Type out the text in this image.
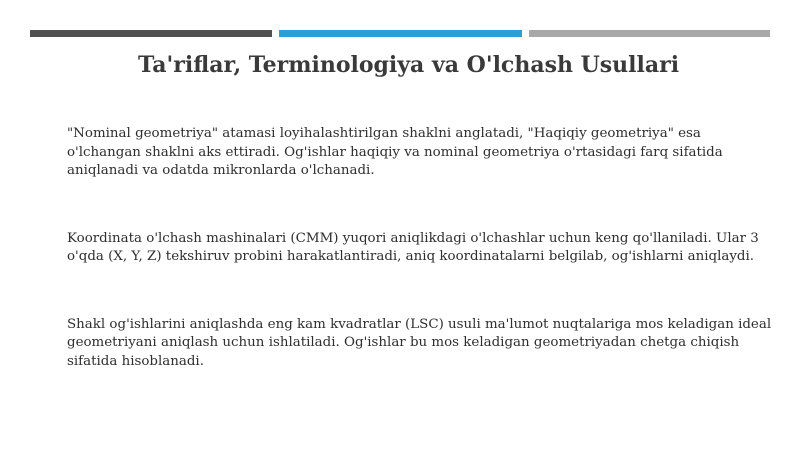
Ta'riflar, Terminologiya va O'lchash Usullari

"Nominal geometriya" atamasi loyihalashtirilgan shaklni anglatadi, "Haqiqiy geometriya" esa o'lchangan shaklni aks ettiradi. Og'ishlar haqiqiy va nominal geometriya o'rtasidagi farq sifatida aniqlanadi va odatda mikronlarda o'lchanadi.

Koordinata o'lchash mashinalari (CMM) yuqori aniqlikdagi o'lchashlar uchun keng qo'llaniladi. Ular 3 o'qda (X, Y, Z) tekshiruv probini harakatlantiradi, aniq koordinatalarni belgilab, og'ishlarni aniqlaydi.

Shakl og'ishlarini aniqlashda eng kam kvadratlar (LSC) usuli ma'lumot nuqtalariga mos keladigan ideal geometriyani aniqlash uchun ishlatiladi. Og'ishlar bu mos keladigan geometriyadan chetga chiqish sifatida hisoblanadi.
